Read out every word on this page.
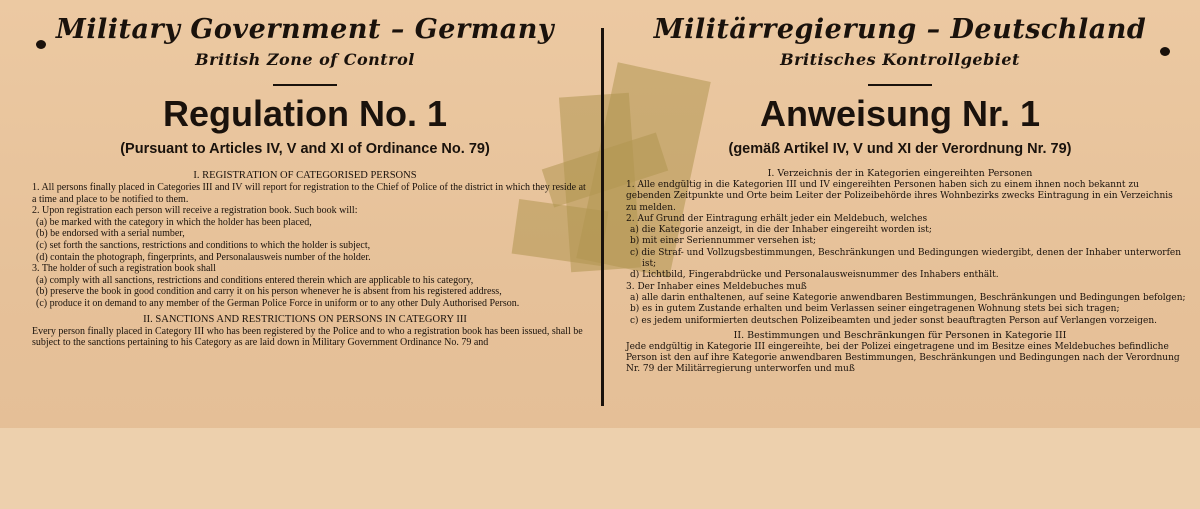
Military Government – Germany
British Zone of Control
Regulation No. 1
(Pursuant to Articles IV, V and XI of Ordinance No. 79)
I. REGISTRATION OF CATEGORISED PERSONS

1. All persons finally placed in Categories III and IV will report for registration to the Chief of Police of the district in which they reside at a time and place to be notified to them.

2. Upon registration each person will receive a registration book. Such book will:

(a) be marked with the category in which the holder has been placed,

(b) be endorsed with a serial number,

(c) set forth the sanctions, restrictions and conditions to which the holder is subject,

(d) contain the photograph, fingerprints, and Personalausweis number of the holder.

3. The holder of such a registration book shall

(a) comply with all sanctions, restrictions and conditions entered therein which are applicable to his category,

(b) preserve the book in good condition and carry it on his person whenever he is absent from his registered address,

(c) produce it on demand to any member of the German Police Force in uniform or to any other Duly Authorised Person.

II. SANCTIONS AND RESTRICTIONS ON PERSONS IN CATEGORY III

Every person finally placed in Category III who has been registered by the Police and to who a registration book has been issued, shall be subject to the sanctions pertaining to his Category as are laid down in Military Government Ordinance No. 79 and

Militärregierung – Deutschland
Britisches Kontrollgebiet
Anweisung Nr. 1
(gemäß Artikel IV, V und XI der Verordnung Nr. 79)
I. Verzeichnis der in Kategorien eingereihten Personen

1. Alle endgültig in die Kategorien III und IV eingereihten Personen haben sich zu einem ihnen noch bekannt zu gebenden Zeitpunkte und Orte beim Leiter der Polizeibehörde ihres Wohnbezirks zwecks Eintragung in ein Verzeichnis zu melden.

2. Auf Grund der Eintragung erhält jeder ein Meldebuch, welches

a) die Kategorie anzeigt, in die der Inhaber eingereiht worden ist;

b) mit einer Seriennummer versehen ist;

c) die Straf- und Vollzugsbestimmungen, Beschränkungen und Bedingungen wiedergibt, denen der Inhaber unterworfen ist;

d) Lichtbild, Fingerabdrücke und Personalausweisnummer des Inhabers enthält.

3. Der Inhaber eines Meldebuches muß

a) alle darin enthaltenen, auf seine Kategorie anwendbaren Bestimmungen, Beschränkungen und Bedingungen befolgen;

b) es in gutem Zustande erhalten und beim Verlassen seiner eingetragenen Wohnung stets bei sich tragen;

c) es jedem uniformierten deutschen Polizeibeamten und jeder sonst beauftragten Person auf Verlangen vorzeigen.

II. Bestimmungen und Beschränkungen für Personen in Kategorie III

Jede endgültig in Kategorie III eingereihte, bei der Polizei eingetragene und im Besitze eines Meldebuches befindliche Person ist den auf ihre Kategorie anwendbaren Bestimmungen, Beschränkungen und Bedingungen nach der Verordnung Nr. 79 der Militärregierung unterworfen und muß
